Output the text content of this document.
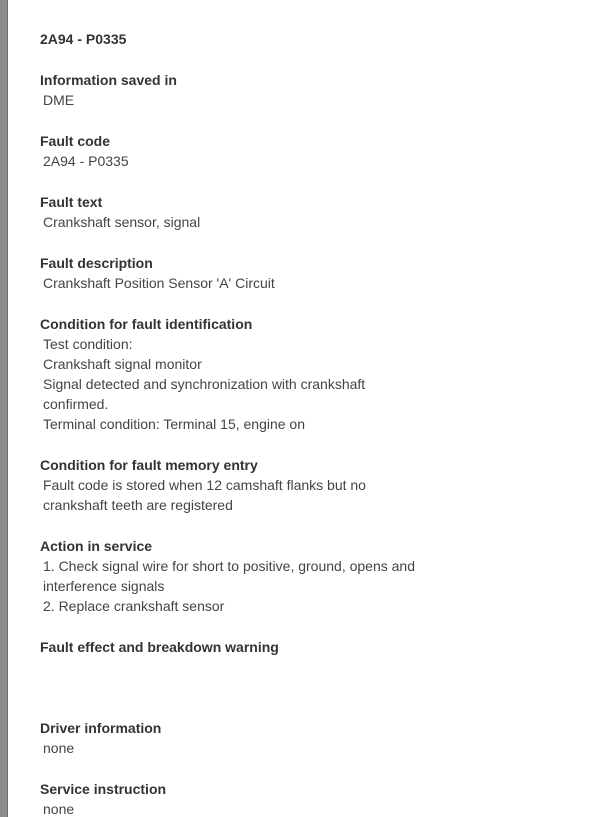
2A94 - P0335
Information saved in
DME
Fault code
2A94 - P0335
Fault text
Crankshaft sensor, signal
Fault description
Crankshaft Position Sensor 'A' Circuit
Condition for fault identification
Test condition:
Crankshaft signal monitor
Signal detected and synchronization with crankshaft
confirmed.
Terminal condition: Terminal 15, engine on
Condition for fault memory entry
Fault code is stored when 12 camshaft flanks but no
crankshaft teeth are registered
Action in service
1. Check signal wire for short to positive, ground, opens and
interference signals
2. Replace crankshaft sensor
Fault effect and breakdown warning
Driver information
none
Service instruction
none
